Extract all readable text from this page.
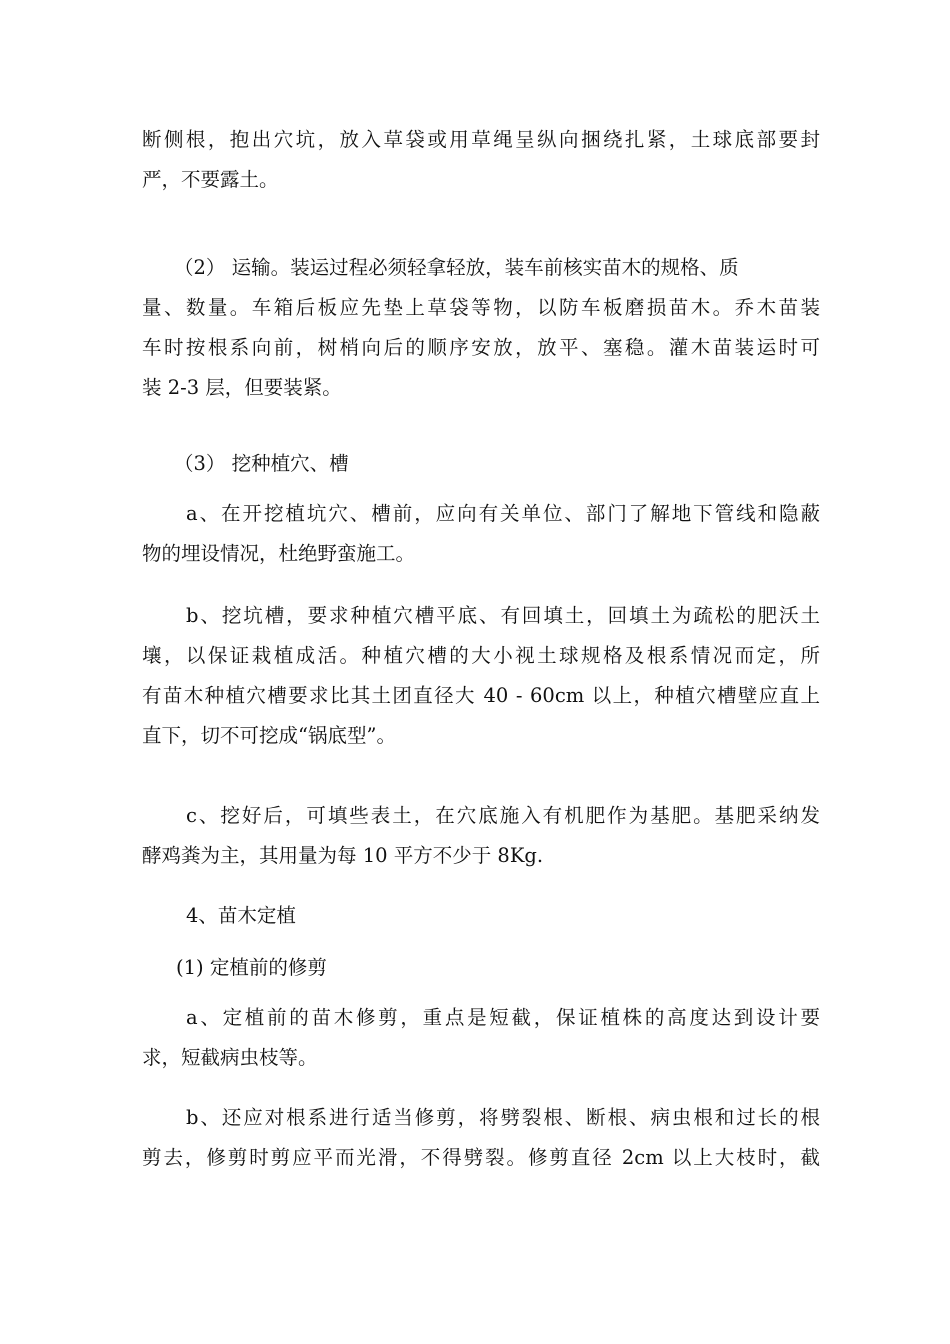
断侧根，抱出穴坑，放入草袋或用草绳呈纵向捆绕扎紧，土球底部要封
严，不要露土。
（2） 运输。装运过程必须轻拿轻放，装车前核实苗木的规格、质
量、数量。车箱后板应先垫上草袋等物，以防车板磨损苗木。乔木苗装
车时按根系向前，树梢向后的顺序安放，放平、塞稳。灌木苗装运时可
装 2-3 层，但要装紧。
（3） 挖种植穴、槽
a、在开挖植坑穴、槽前，应向有关单位、部门了解地下管线和隐蔽
物的埋设情况，杜绝野蛮施工。
b、挖坑槽，要求种植穴槽平底、有回填土，回填土为疏松的肥沃土
壤，以保证栽植成活。种植穴槽的大小视土球规格及根系情况而定，所
有苗木种植穴槽要求比其土团直径大 40 - 60cm 以上，种植穴槽壁应直上
直下，切不可挖成“锅底型”。
c、挖好后，可填些表土，在穴底施入有机肥作为基肥。基肥采纳发
酵鸡粪为主，其用量为每 10 平方不少于 8Kg.
4、苗木定植
(1) 定植前的修剪
a、定植前的苗木修剪，重点是短截，保证植株的高度达到设计要
求，短截病虫枝等。
b、还应对根系进行适当修剪，将劈裂根、断根、病虫根和过长的根
剪去，修剪时剪应平而光滑，不得劈裂。修剪直径 2cm 以上大枝时，截
